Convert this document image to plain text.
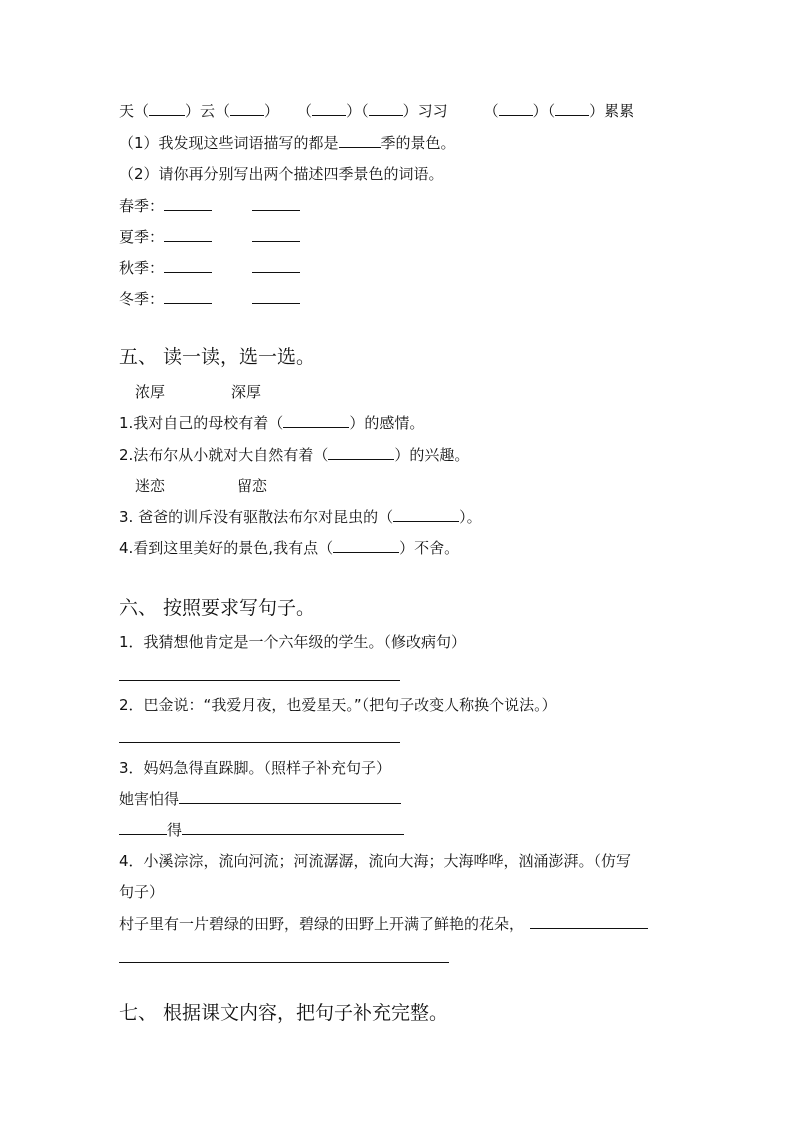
天（ ）云（ ） （ ）（ ）习习 （ ）（ ）累累
（1）我发现这些词语描写的都是	季的景色。
（2）请你再分别写出两个描述四季景色的词语。
春季：
夏季：
秋季：
冬季：
五、 读一读，选一选。
浓厚	深厚
1.我对自己的母校有着（	）的感情。
2.法布尔从小就对大自然有着（	）的兴趣。
迷恋	留恋
3. 爸爸的训斥没有驱散法布尔对昆虫的（	）。
4.看到这里美好的景色,我有点（	）不舍。
六、 按照要求写句子。
1．我猜想他肯定是一个六年级的学生。（修改病句）
2．巴金说：“我爱月夜，也爱星天。”（把句子改变人称换个说法。）
3．妈妈急得直跺脚。（照样子补充句子）
她害怕得
得
4．小溪淙淙，流向河流；河流潺潺，流向大海；大海哗哗，汹涌澎湃。（仿写
句子）
村子里有一片碧绿的田野，碧绿的田野上开满了鲜艳的花朵，
七、 根据课文内容，把句子补充完整。
